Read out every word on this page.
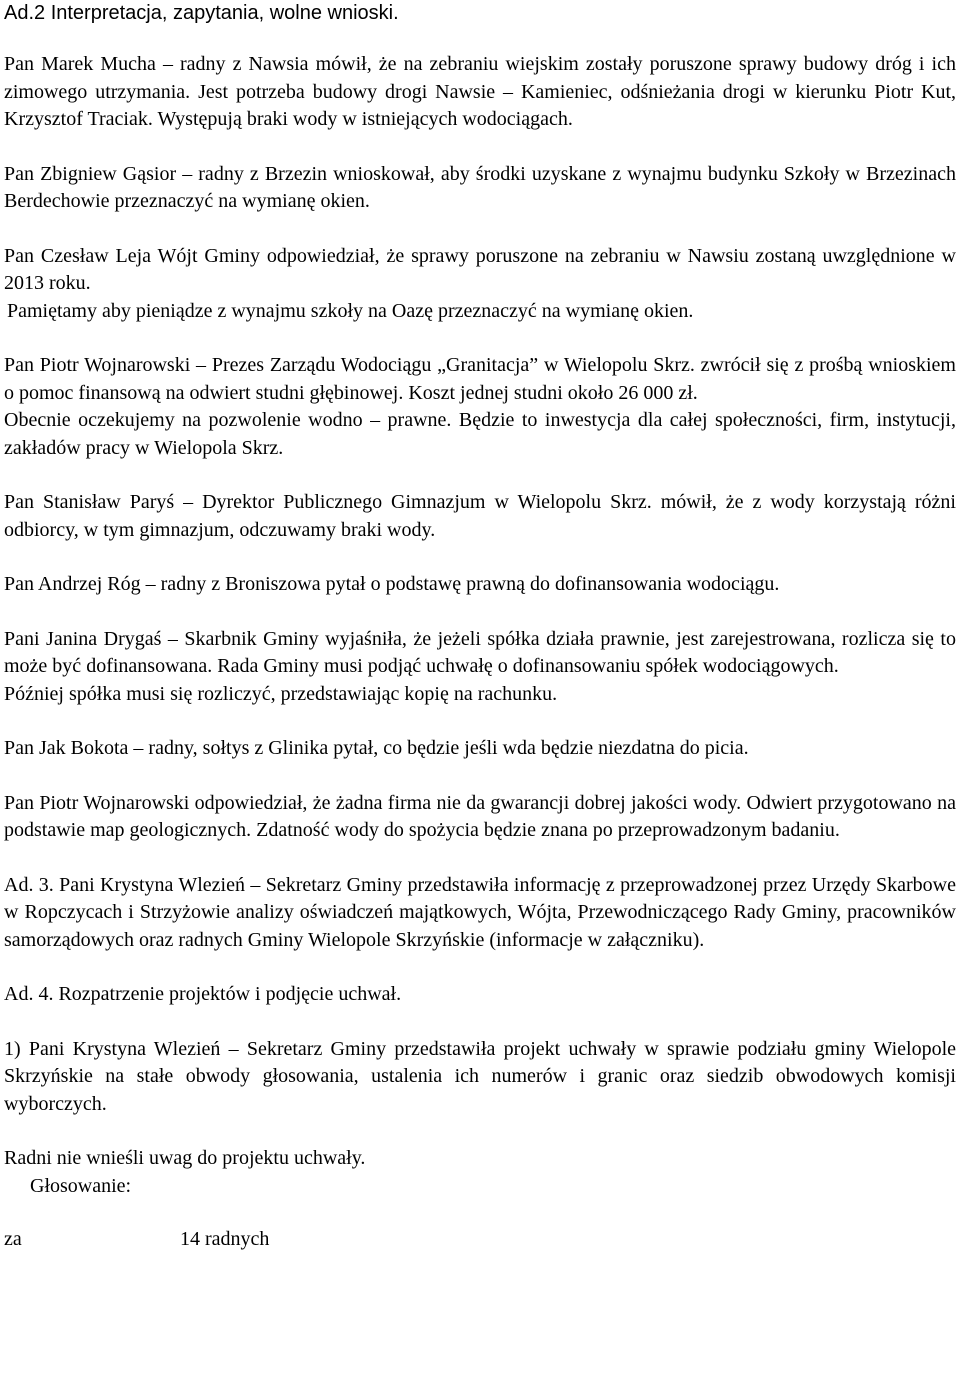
Ad.2 Interpretacja, zapytania, wolne wnioski.

Pan Marek Mucha – radny z Nawsia mówił, że na zebraniu wiejskim zostały poruszone sprawy budowy dróg i ich zimowego utrzymania. Jest potrzeba budowy drogi Nawsie – Kamieniec, odśnieżania drogi w kierunku Piotr Kut, Krzysztof Traciak. Występują braki wody w istniejących wodociągach.

Pan Zbigniew Gąsior – radny z Brzezin wnioskował, aby środki uzyskane z wynajmu budynku Szkoły w Brzezinach Berdechowie przeznaczyć na wymianę okien.

Pan Czesław Leja Wójt Gminy odpowiedział, że sprawy poruszone na zebraniu w Nawsiu zostaną uwzględnione w 2013 roku.

Pamiętamy aby pieniądze z wynajmu szkoły na Oazę przeznaczyć na wymianę okien.

Pan Piotr Wojnarowski – Prezes Zarządu Wodociągu „Granitacja” w Wielopolu Skrz. zwrócił się z prośbą wnioskiem o pomoc finansową na odwiert studni głębinowej. Koszt jednej studni około 26 000 zł.

Obecnie oczekujemy na pozwolenie wodno – prawne. Będzie to inwestycja dla całej społeczności, firm, instytucji, zakładów pracy w Wielopola Skrz.

Pan Stanisław Paryś – Dyrektor Publicznego Gimnazjum w Wielopolu Skrz. mówił, że z wody korzystają różni odbiorcy, w tym gimnazjum, odczuwamy braki wody.

Pan Andrzej Róg – radny z Broniszowa pytał o podstawę prawną do dofinansowania wodociągu.

Pani Janina Drygaś – Skarbnik Gminy wyjaśniła, że jeżeli spółka działa prawnie, jest zarejestrowana, rozlicza się to może być dofinansowana. Rada Gminy musi podjąć uchwałę o dofinansowaniu spółek wodociągowych.

Później spółka musi się rozliczyć, przedstawiając kopię na rachunku.

Pan Jak Bokota – radny, sołtys z Glinika pytał, co będzie jeśli wda będzie niezdatna do picia.

Pan Piotr Wojnarowski odpowiedział, że żadna firma nie da gwarancji dobrej jakości wody. Odwiert przygotowano na podstawie map geologicznych. Zdatność wody do spożycia będzie znana po przeprowadzonym badaniu.

Ad. 3. Pani Krystyna Wlezień – Sekretarz Gminy przedstawiła informację z przeprowadzonej przez Urzędy Skarbowe w Ropczycach i Strzyżowie analizy oświadczeń majątkowych, Wójta, Przewodniczącego Rady Gminy, pracowników samorządowych oraz radnych Gminy Wielopole Skrzyńskie (informacje w załączniku).

Ad. 4. Rozpatrzenie projektów i podjęcie uchwał.

1) Pani Krystyna Wlezień – Sekretarz Gminy przedstawiła projekt uchwały w sprawie podziału gminy Wielopole Skrzyńskie na stałe obwody głosowania, ustalenia ich numerów i granic oraz siedzib obwodowych komisji wyborczych.

Radni nie wnieśli uwag do projektu uchwały.

Głosowanie:

za	14 radnych
